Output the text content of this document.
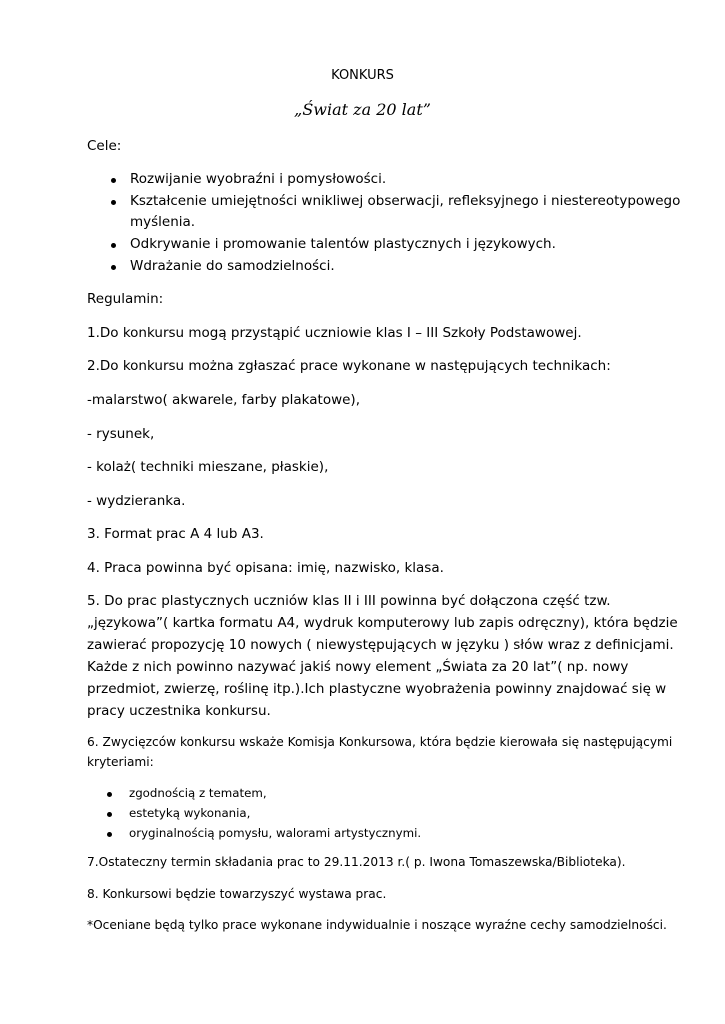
KONKURS

„Świat za 20 lat”

Cele:

Rozwijanie wyobraźni i pomysłowości.

Kształcenie umiejętności wnikliwej obserwacji, refleksyjnego i niestereotypowego

myślenia.

Odkrywanie i promowanie talentów plastycznych i językowych.

Wdrażanie do samodzielności.

Regulamin:

1.Do konkursu mogą przystąpić uczniowie klas I – III Szkoły Podstawowej.

2.Do konkursu można zgłaszać prace wykonane w następujących technikach:

-malarstwo( akwarele, farby plakatowe),

- rysunek,

- kolaż( techniki mieszane, płaskie),

- wydzieranka.

3. Format prac A 4 lub A3.

4. Praca powinna być opisana: imię, nazwisko, klasa.

5. Do prac plastycznych uczniów klas II i III powinna być dołączona część tzw.

„językowa”( kartka formatu A4, wydruk komputerowy lub zapis odręczny), która będzie

zawierać propozycję 10 nowych ( niewystępujących w języku ) słów wraz z definicjami.

Każde z nich powinno nazywać jakiś nowy element „Świata za 20 lat”( np. nowy

przedmiot, zwierzę, roślinę itp.).Ich plastyczne wyobrażenia powinny znajdować się w

pracy uczestnika konkursu.

6. Zwycięzców konkursu wskaże Komisja Konkursowa, która będzie kierowała się następującymi

kryteriami:

zgodnością z tematem,

estetyką wykonania,

oryginalnością pomysłu, walorami artystycznymi.

7.Ostateczny termin składania prac to 29.11.2013 r.( p. Iwona Tomaszewska/Biblioteka).

8. Konkursowi będzie towarzyszyć wystawa prac.

*Oceniane będą tylko prace wykonane indywidualnie i noszące wyraźne cechy samodzielności.
